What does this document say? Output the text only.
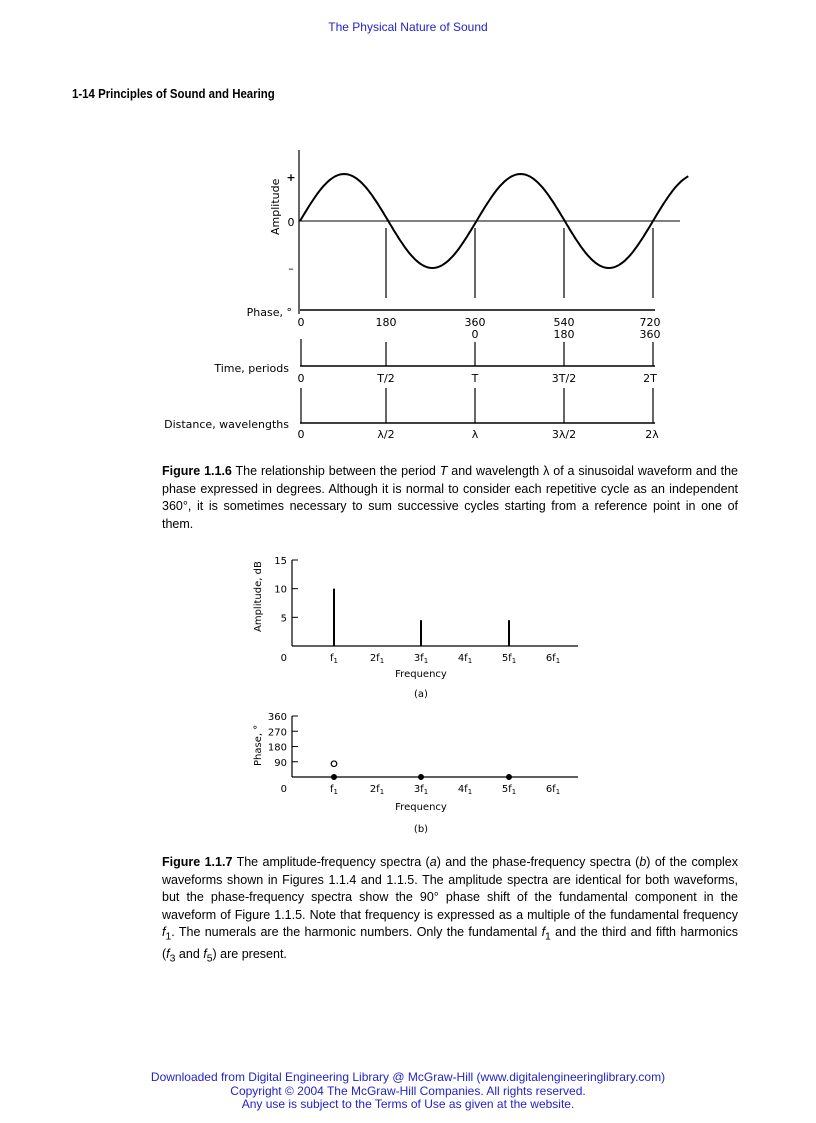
The Physical Nature of Sound
1-14 Principles of Sound and Hearing
Amplitude
+
0
–
Phase, °
Time, periods
Distance, wavelengths
0	180	360	540	720
0	180	360
0	T/2	T	3T/2	2T
0	λ/2	λ	3λ/2	2λ
Figure 1.1.6 The relationship between the period T and wavelength λ of a sinusoidal waveform and the phase expressed in degrees. Although it is normal to consider each repetitive cycle as an independent 360°, it is sometimes necessary to sum successive cycles starting from a reference point in one of them.
0
5
10
15
Amplitude, dB
$f_1$	$2f_1$	$3f_1$	$4f_1$	$5f_1$	$6f_1$
Frequency
(a)
0
90
180
270
360
Phase, °
$f_1$	$2f_1$	$3f_1$	$4f_1$	$5f_1$	$6f_1$
Frequency
(b)
Figure 1.1.7 The amplitude-frequency spectra (a) and the phase-frequency spectra (b) of the complex waveforms shown in Figures 1.1.4 and 1.1.5. The amplitude spectra are identical for both waveforms, but the phase-frequency spectra show the 90° phase shift of the fundamental component in the waveform of Figure 1.1.5. Note that frequency is expressed as a multiple of the fundamental frequency $f_1$. The numerals are the harmonic numbers. Only the fundamental $f_1$ and the third and fifth harmonics ($f_3$ and $f_5$) are present.
Downloaded from Digital Engineering Library @ McGraw-Hill (www.digitalengineeringlibrary.com)
Copyright © 2004 The McGraw-Hill Companies. All rights reserved.
Any use is subject to the Terms of Use as given at the website.
